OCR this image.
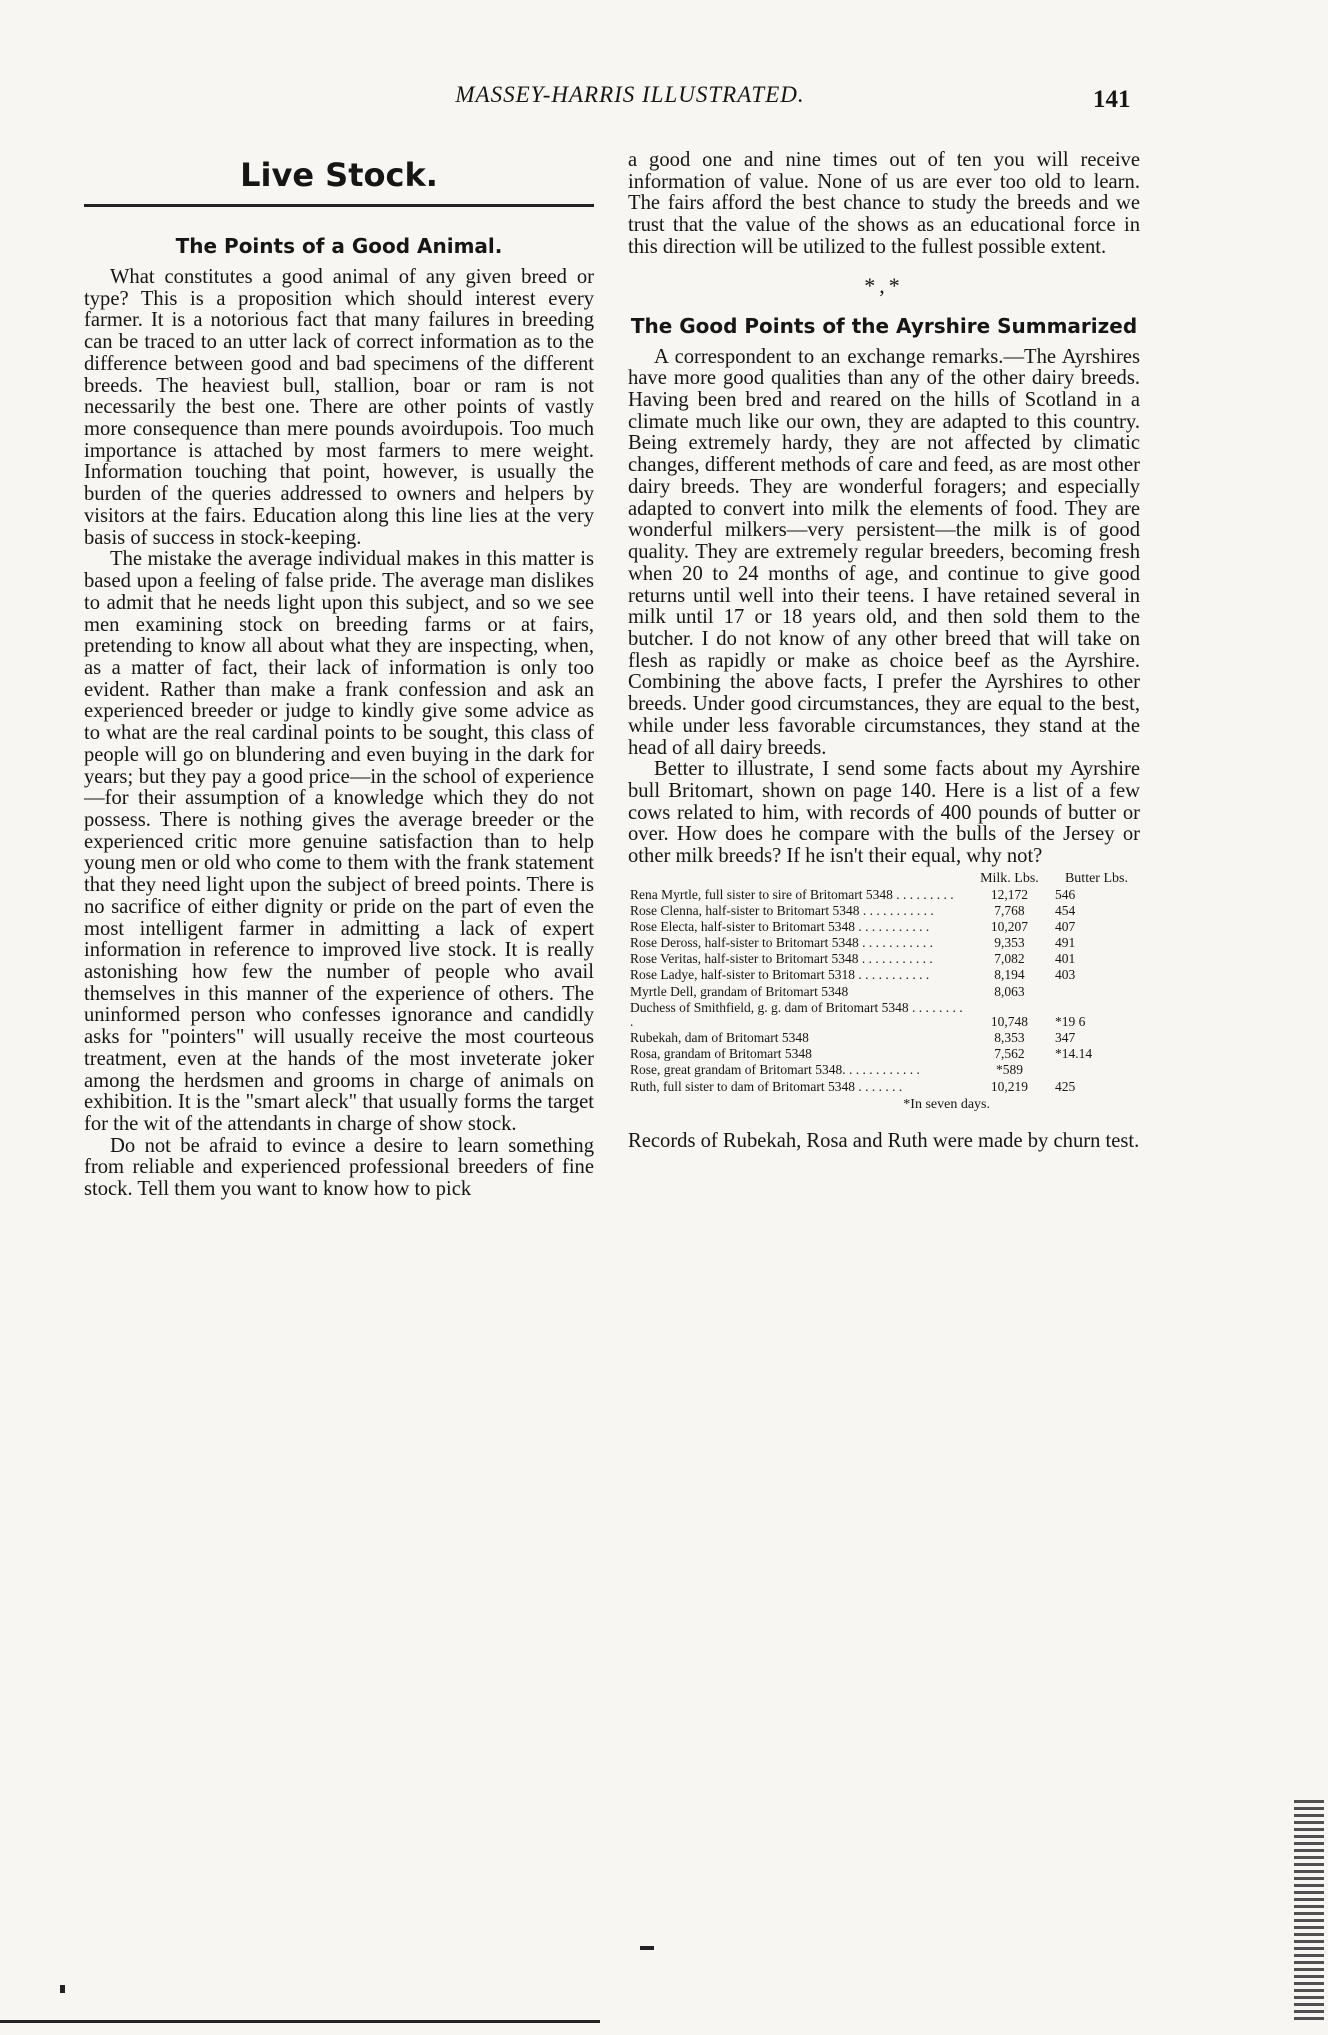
MASSEY-HARRIS ILLUSTRATED.	141
Live Stock.
The Points of a Good Animal.

What constitutes a good animal of any given breed or type? This is a proposition which should interest every farmer. It is a notorious fact that many failures in breeding can be traced to an utter lack of correct information as to the difference between good and bad specimens of the different breeds. The heaviest bull, stallion, boar or ram is not necessarily the best one. There are other points of vastly more consequence than mere pounds avoirdupois. Too much importance is attached by most farmers to mere weight. Information touching that point, however, is usually the burden of the queries addressed to owners and helpers by visitors at the fairs. Education along this line lies at the very basis of success in stock-keeping.

The mistake the average individual makes in this matter is based upon a feeling of false pride. The average man dislikes to admit that he needs light upon this subject, and so we see men examining stock on breeding farms or at fairs, pretending to know all about what they are inspecting, when, as a matter of fact, their lack of information is only too evident. Rather than make a frank confession and ask an experienced breeder or judge to kindly give some advice as to what are the real cardinal points to be sought, this class of people will go on blundering and even buying in the dark for years; but they pay a good price—in the school of experience—for their assumption of a knowledge which they do not possess. There is nothing gives the average breeder or the experienced critic more genuine satisfaction than to help young men or old who come to them with the frank statement that they need light upon the subject of breed points. There is no sacrifice of either dignity or pride on the part of even the most intelligent farmer in admitting a lack of expert information in reference to improved live stock. It is really astonishing how few the number of people who avail themselves in this manner of the experience of others. The uninformed person who confesses ignorance and candidly asks for "pointers" will usually receive the most courteous treatment, even at the hands of the most inveterate joker among the herdsmen and grooms in charge of animals on exhibition. It is the "smart aleck" that usually forms the target for the wit of the attendants in charge of show stock.

Do not be afraid to evince a desire to learn something from reliable and experienced professional breeders of fine stock. Tell them you want to know how to pick

a good one and nine times out of ten you will receive information of value. None of us are ever too old to learn. The fairs afford the best chance to study the breeds and we trust that the value of the shows as an educational force in this direction will be utilized to the fullest possible extent.

*,*
The Good Points of the Ayrshire Summarized

A correspondent to an exchange remarks.—The Ayrshires have more good qualities than any of the other dairy breeds. Having been bred and reared on the hills of Scotland in a climate much like our own, they are adapted to this country. Being extremely hardy, they are not affected by climatic changes, different methods of care and feed, as are most other dairy breeds. They are wonderful foragers; and especially adapted to convert into milk the elements of food. They are wonderful milkers—very persistent—the milk is of good quality. They are extremely regular breeders, becoming fresh when 20 to 24 months of age, and continue to give good returns until well into their teens. I have retained several in milk until 17 or 18 years old, and then sold them to the butcher. I do not know of any other breed that will take on flesh as rapidly or make as choice beef as the Ayrshire. Combining the above facts, I prefer the Ayrshires to other breeds. Under good circumstances, they are equal to the best, while under less favorable circumstances, they stand at the head of all dairy breeds.

Better to illustrate, I send some facts about my Ayrshire bull Britomart, shown on page 140. Here is a list of a few cows related to him, with records of 400 pounds of butter or over. How does he compare with the bulls of the Jersey or other milk breeds? If he isn't their equal, why not?

	Milk. Lbs.	Butter Lbs.
Rena Myrtle, full sister to sire of Britomart 5348 . . . . . . . . .	12,172	546
Rose Clenna, half-sister to Britomart 5348 . . . . . . . . . . .	7,768	454
Rose Electa, half-sister to Britomart 5348 . . . . . . . . . . .	10,207	407
Rose Deross, half-sister to Britomart 5348 . . . . . . . . . . .	9,353	491
Rose Veritas, half-sister to Britomart 5348 . . . . . . . . . . .	7,082	401
Rose Ladye, half-sister to Britomart 5318 . . . . . . . . . . .	8,194	403
Myrtle Dell, grandam of Britomart 5348	8,063	
Duchess of Smithfield, g. g. dam of Britomart 5348 . . . . . . . . .	10,748	*19 6
Rubekah, dam of Britomart 5348	8,353	347
Rosa, grandam of Britomart 5348	7,562	*14.14
Rose, great grandam of Britomart 5348. . . . . . . . . . . .	*589	
Ruth, full sister to dam of Britomart 5348 . . . . . . .	10,219	425
*In seven days.

Records of Rubekah, Rosa and Ruth were made by churn test.
